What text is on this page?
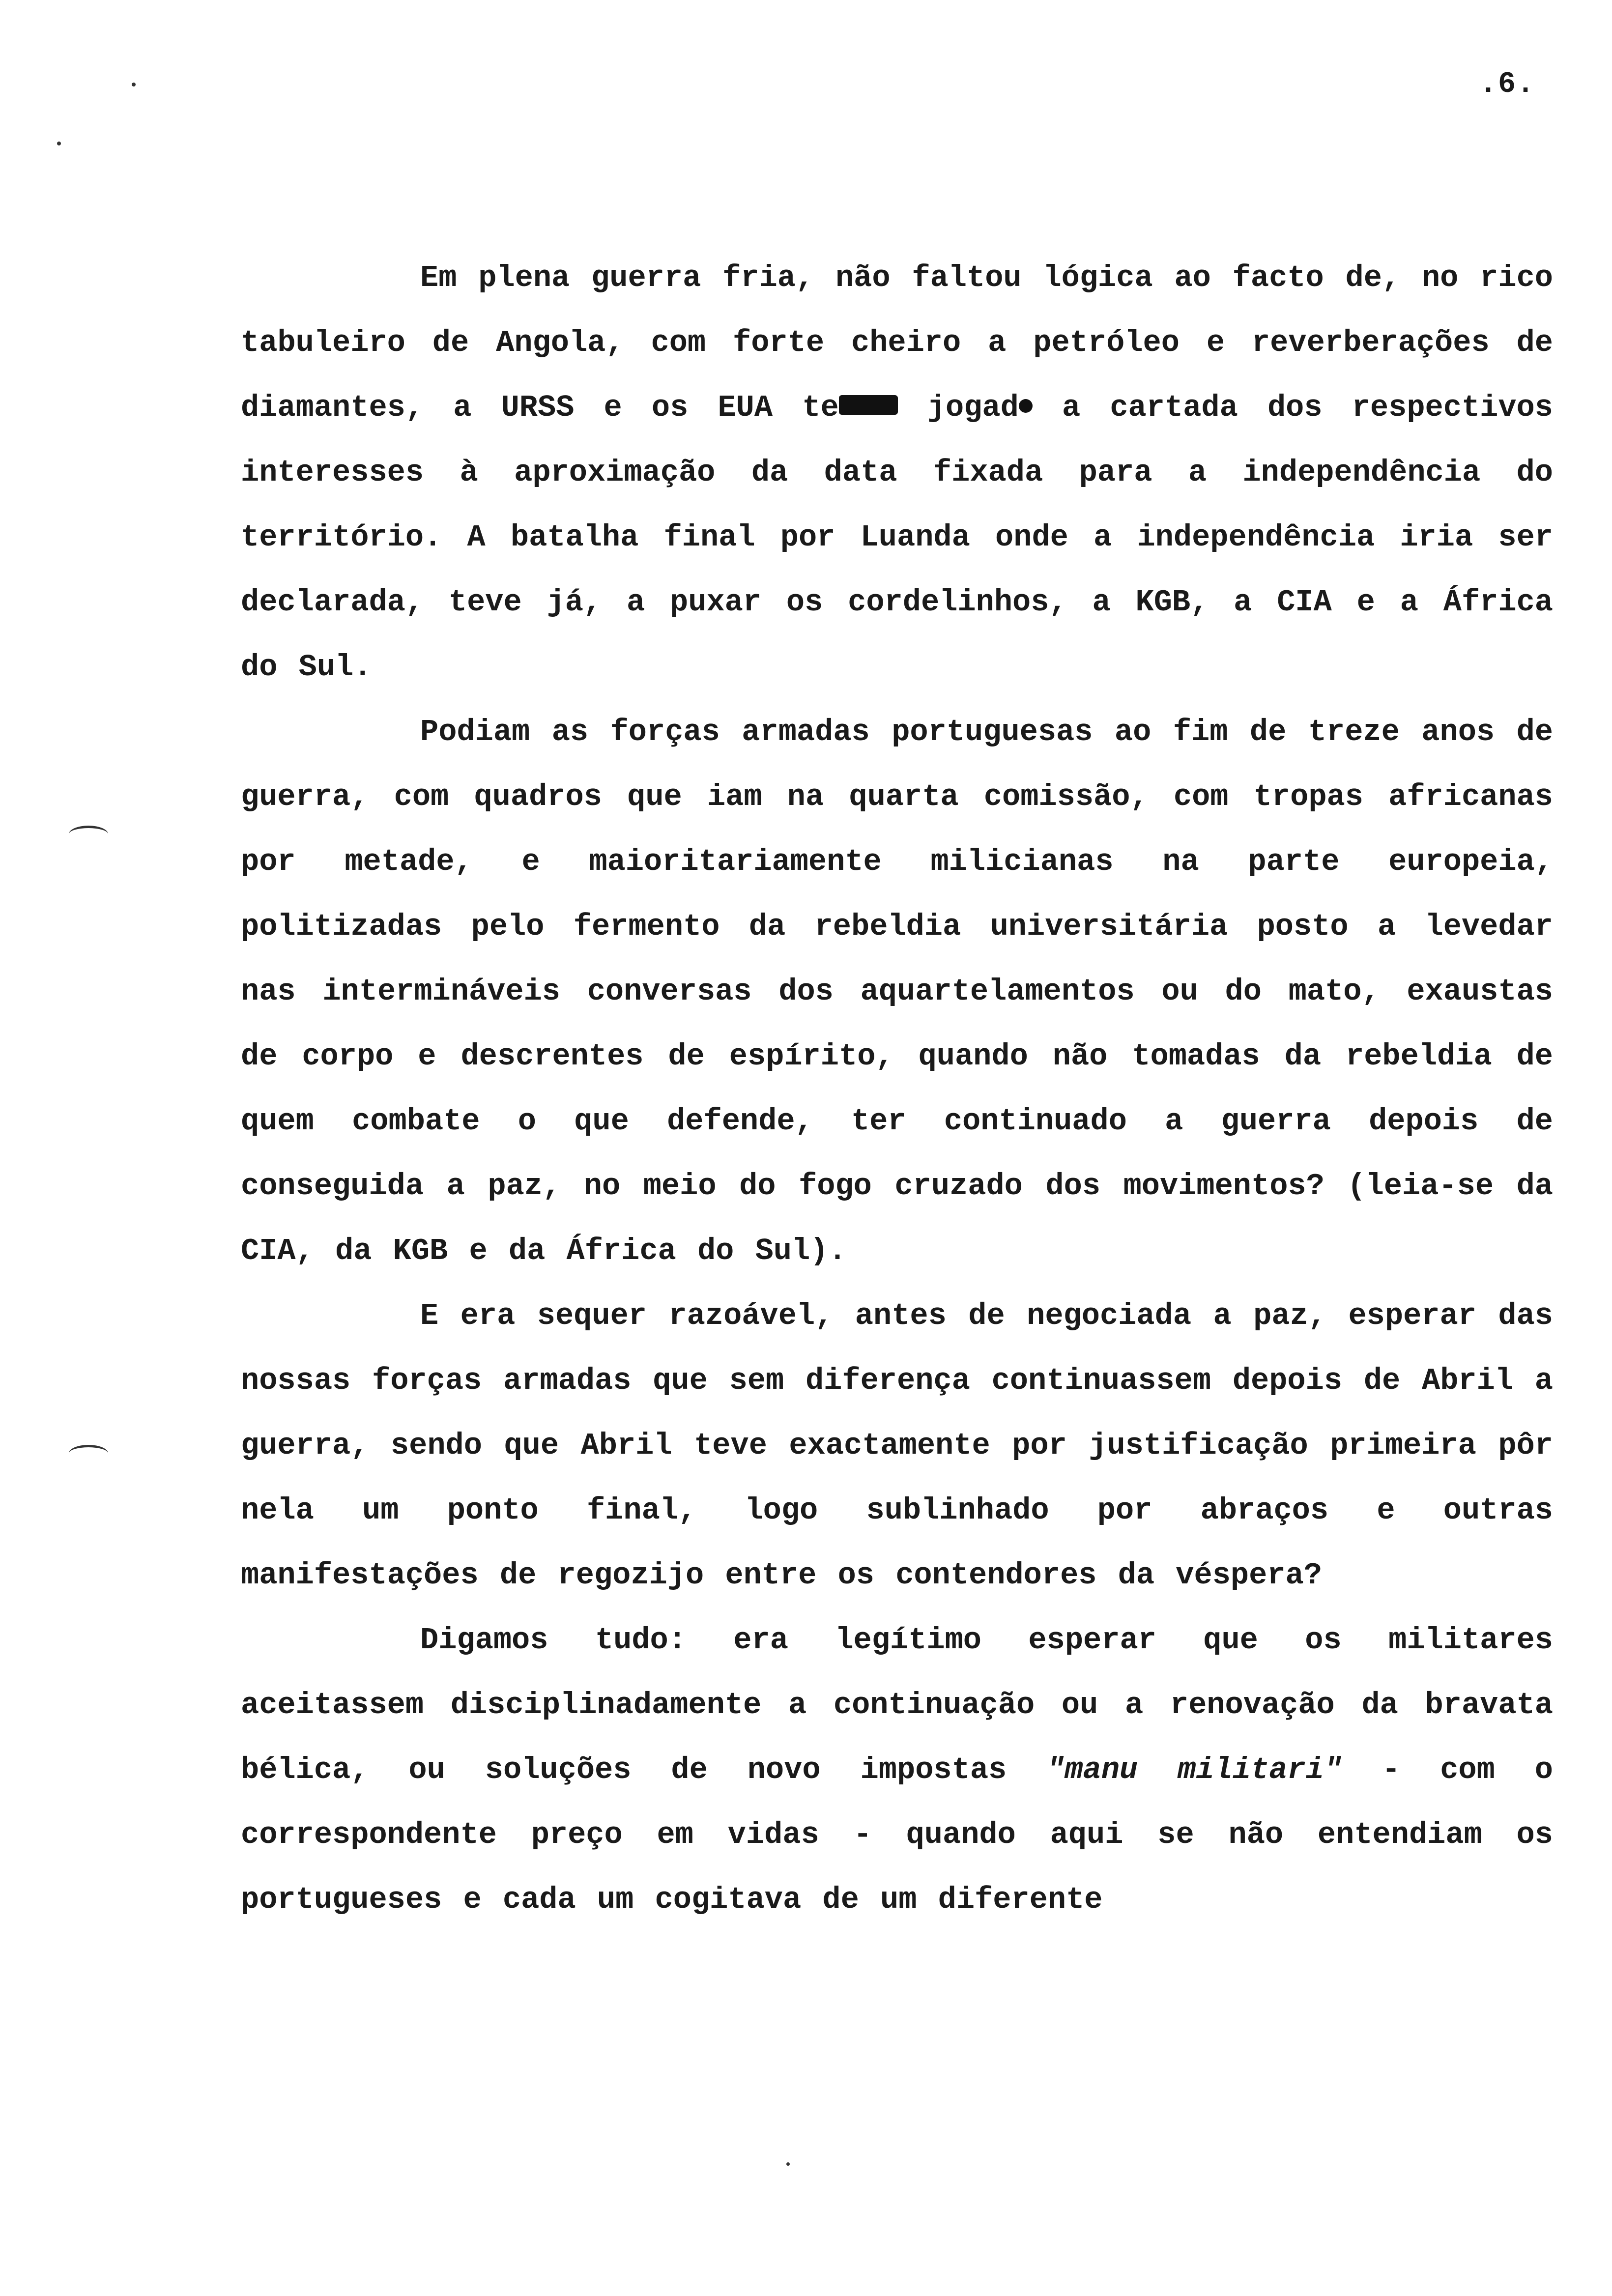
.6.

Em plena guerra fria, não faltou lógica ao facto de, no rico tabuleiro de Angola, com forte cheiro a petróleo e reverberações de diamantes, a URSS e os EUA te jogad a cartada dos respectivos interesses à aproximação da data fixada para a independência do território. A batalha final por Luanda onde a independência iria ser declarada, teve já, a puxar os cordelinhos, a KGB, a CIA e a África do Sul.

Podiam as forças armadas portuguesas ao fim de treze anos de guerra, com quadros que iam na quarta comissão, com tropas africanas por metade, e maioritariamente milicianas na parte europeia, politizadas pelo fermento da rebeldia universitária posto a levedar nas intermináveis conversas dos aquartelamentos ou do mato, exaustas de corpo e descrentes de espírito, quando não tomadas da rebeldia de quem combate o que defende, ter continuado a guerra depois de conseguida a paz, no meio do fogo cruzado dos movimentos? (leia-se da CIA, da KGB e da África do Sul).

E era sequer razoável, antes de negociada a paz, esperar das nossas forças armadas que sem diferença continuassem depois de Abril a guerra, sendo que Abril teve exactamente por justificação primeira pôr nela um ponto final, logo sublinhado por abraços e outras manifestações de regozijo entre os contendores da véspera?

Digamos tudo: era legítimo esperar que os militares aceitassem disciplinadamente a continuação ou a renovação da bravata bélica, ou soluções de novo impostas "manu militari" - com o correspondente preço em vidas - quando aqui se não entendiam os portugueses e cada um cogitava de um diferente
